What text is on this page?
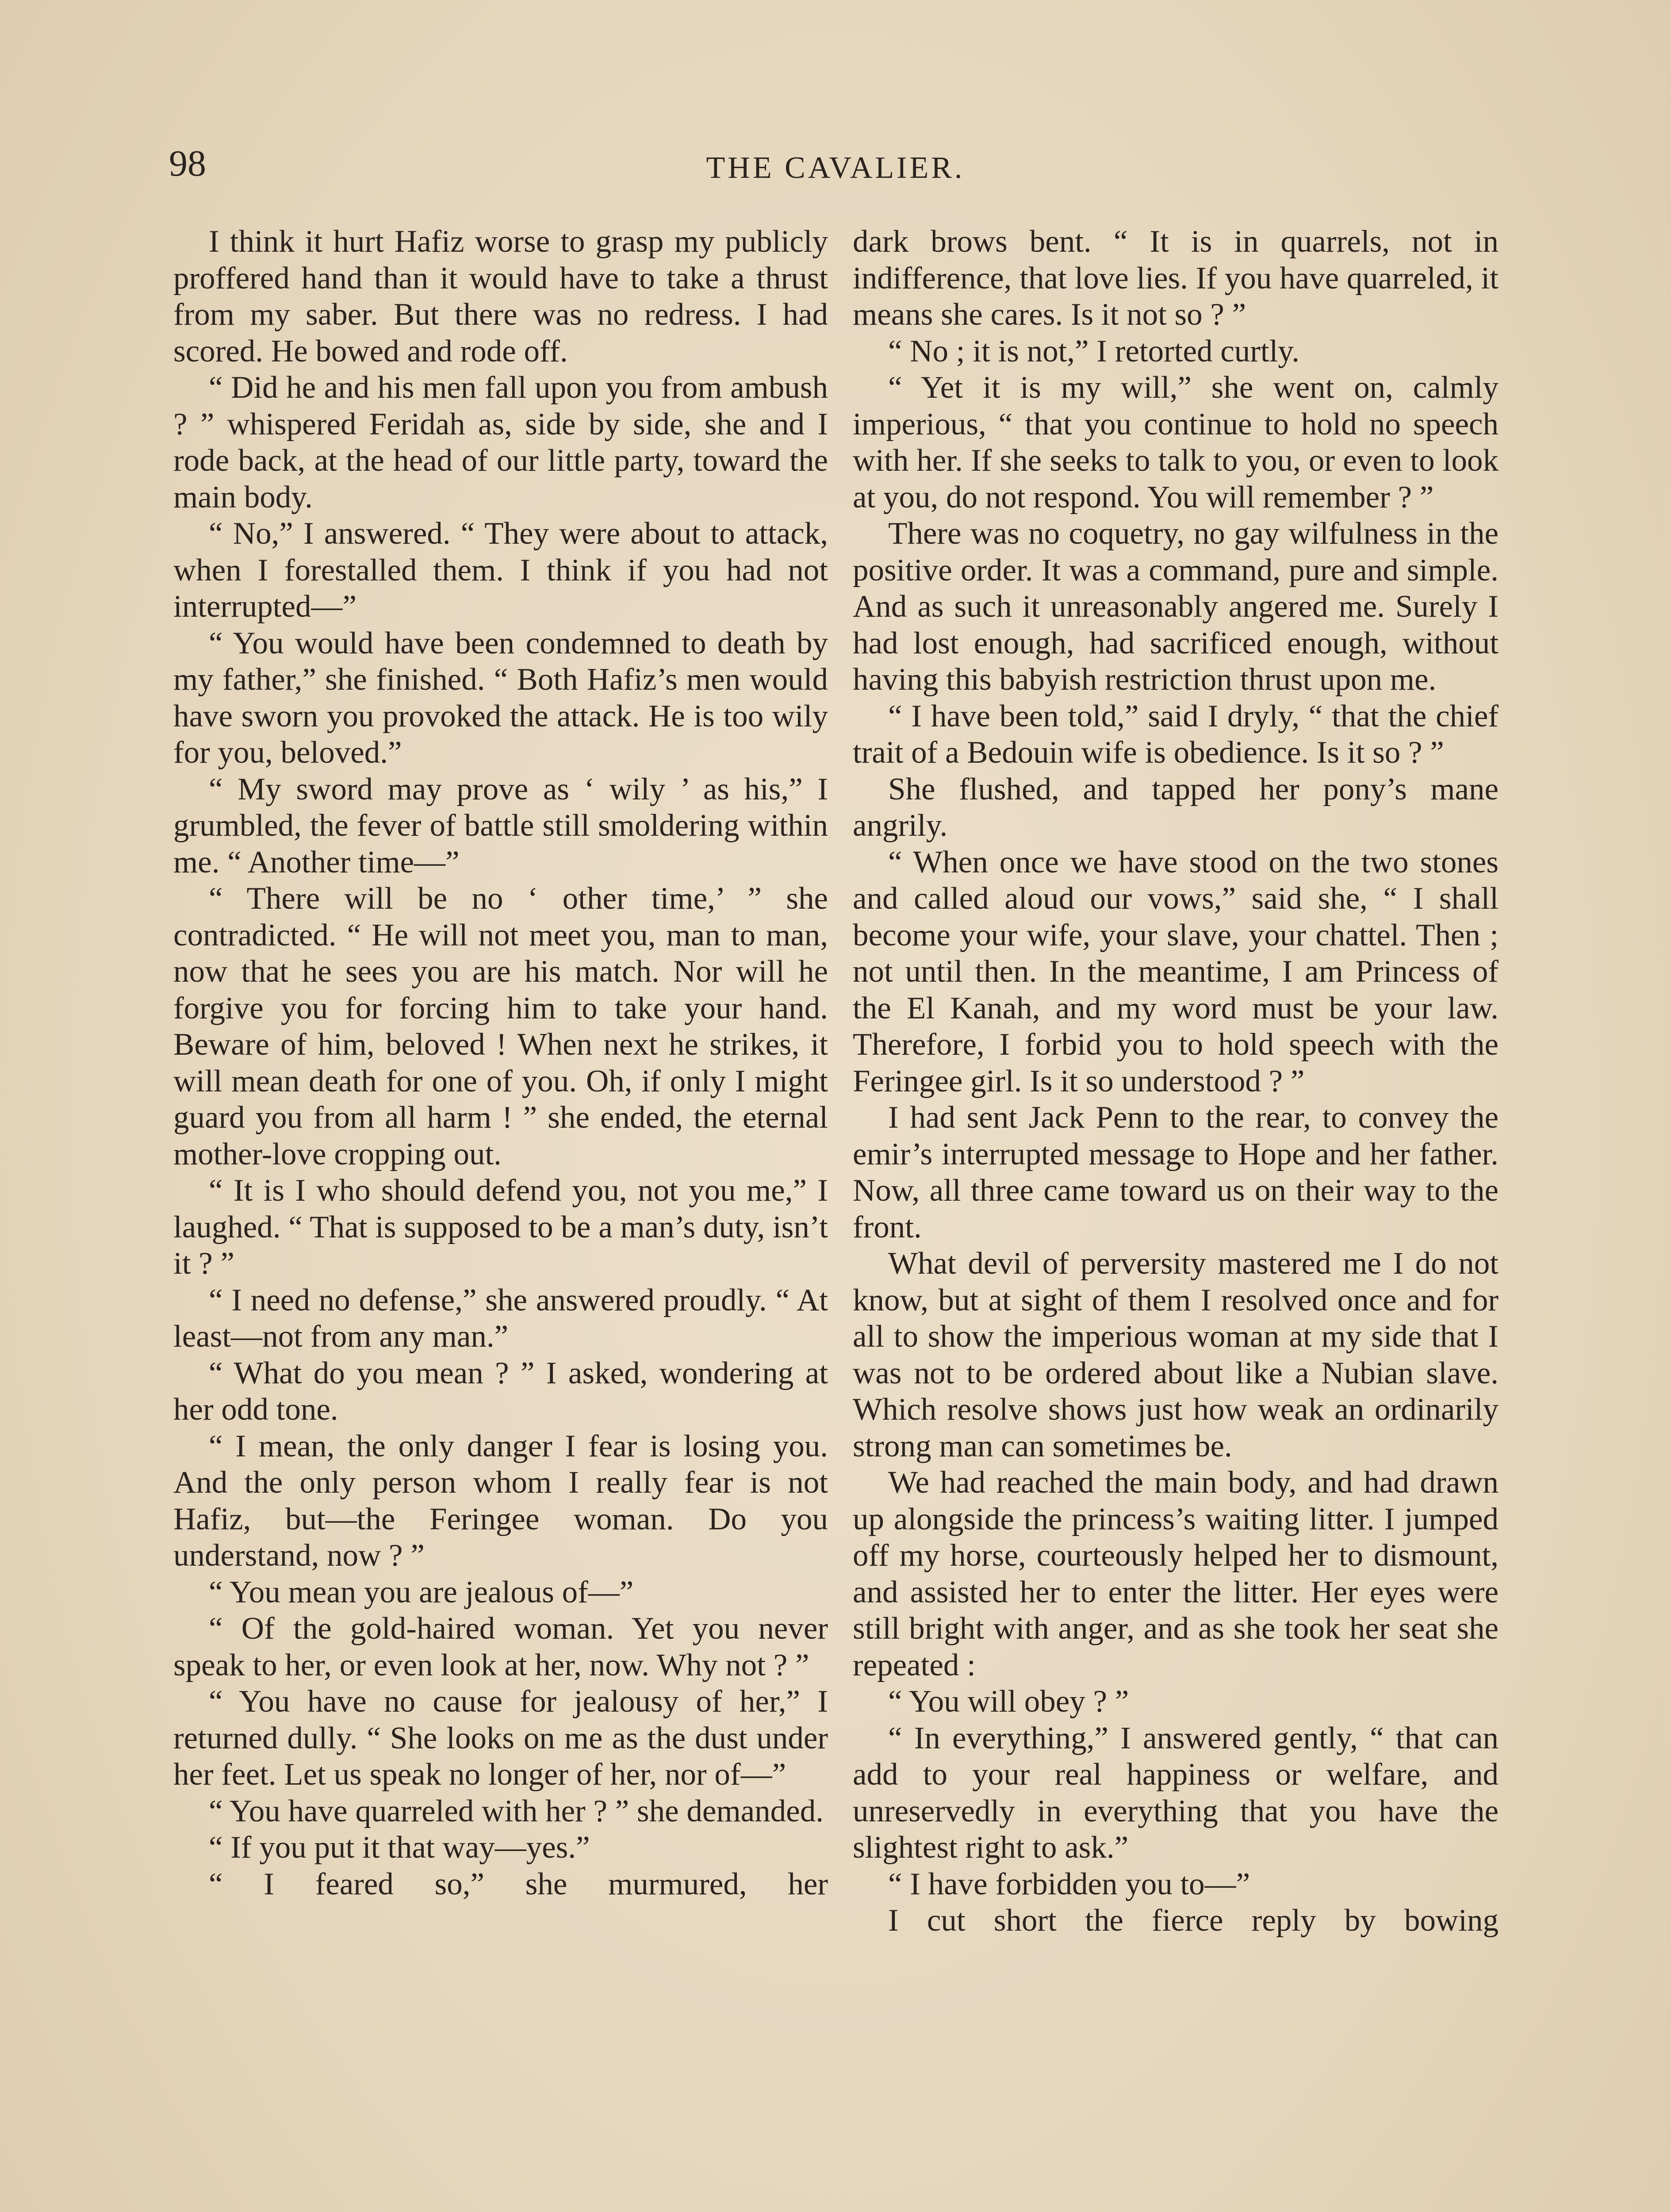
98	THE CAVALIER.

I think it hurt Hafiz worse to grasp my publicly proffered hand than it would have to take a thrust from my saber. But there was no redress. I had scored. He bowed and rode off.

“ Did he and his men fall upon you from ambush ? ” whispered Feridah as, side by side, she and I rode back, at the head of our little party, toward the main body.

“ No,” I answered. “ They were about to attack, when I forestalled them. I think if you had not interrupted—”

“ You would have been condemned to death by my father,” she finished. “ Both Hafiz’s men would have sworn you provoked the attack. He is too wily for you, beloved.”

“ My sword may prove as ‘ wily ’ as his,” I grumbled, the fever of battle still smoldering within me. “ Another time—”

“ There will be no ‘ other time,’ ” she contradicted. “ He will not meet you, man to man, now that he sees you are his match. Nor will he forgive you for forcing him to take your hand. Beware of him, beloved ! When next he strikes, it will mean death for one of you. Oh, if only I might guard you from all harm ! ” she ended, the eternal mother-love cropping out.

“ It is I who should defend you, not you me,” I laughed. “ That is supposed to be a man’s duty, isn’t it ? ”

“ I need no defense,” she answered proudly. “ At least—not from any man.”

“ What do you mean ? ” I asked, wondering at her odd tone.

“ I mean, the only danger I fear is losing you. And the only person whom I really fear is not Hafiz, but—the Feringee woman. Do you understand, now ? ”

“ You mean you are jealous of—”

“ Of the gold-haired woman. Yet you never speak to her, or even look at her, now. Why not ? ”

“ You have no cause for jealousy of her,” I returned dully. “ She looks on me as the dust under her feet. Let us speak no longer of her, nor of—”

“ You have quarreled with her ? ” she demanded.

“ If you put it that way—yes.”

“ I feared so,” she murmured, her

dark brows bent. “ It is in quarrels, not in indifference, that love lies. If you have quarreled, it means she cares. Is it not so ? ”

“ No ; it is not,” I retorted curtly.

“ Yet it is my will,” she went on, calmly imperious, “ that you continue to hold no speech with her. If she seeks to talk to you, or even to look at you, do not respond. You will remember ? ”

There was no coquetry, no gay wilfulness in the positive order. It was a command, pure and simple. And as such it unreasonably angered me. Surely I had lost enough, had sacrificed enough, without having this babyish restriction thrust upon me.

“ I have been told,” said I dryly, “ that the chief trait of a Bedouin wife is obedience. Is it so ? ”

She flushed, and tapped her pony’s mane angrily.

“ When once we have stood on the two stones and called aloud our vows,” said she, “ I shall become your wife, your slave, your chattel. Then ; not until then. In the meantime, I am Princess of the El Kanah, and my word must be your law. Therefore, I forbid you to hold speech with the Feringee girl. Is it so understood ? ”

I had sent Jack Penn to the rear, to convey the emir’s interrupted message to Hope and her father. Now, all three came toward us on their way to the front.

What devil of perversity mastered me I do not know, but at sight of them I resolved once and for all to show the imperious woman at my side that I was not to be ordered about like a Nubian slave. Which resolve shows just how weak an ordinarily strong man can sometimes be.

We had reached the main body, and had drawn up alongside the princess’s waiting litter. I jumped off my horse, courteously helped her to dismount, and assisted her to enter the litter. Her eyes were still bright with anger, and as she took her seat she repeated :

“ You will obey ? ”

“ In everything,” I answered gently, “ that can add to your real happiness or welfare, and unreservedly in everything that you have the slightest right to ask.”

“ I have forbidden you to—”

I cut short the fierce reply by bowing
